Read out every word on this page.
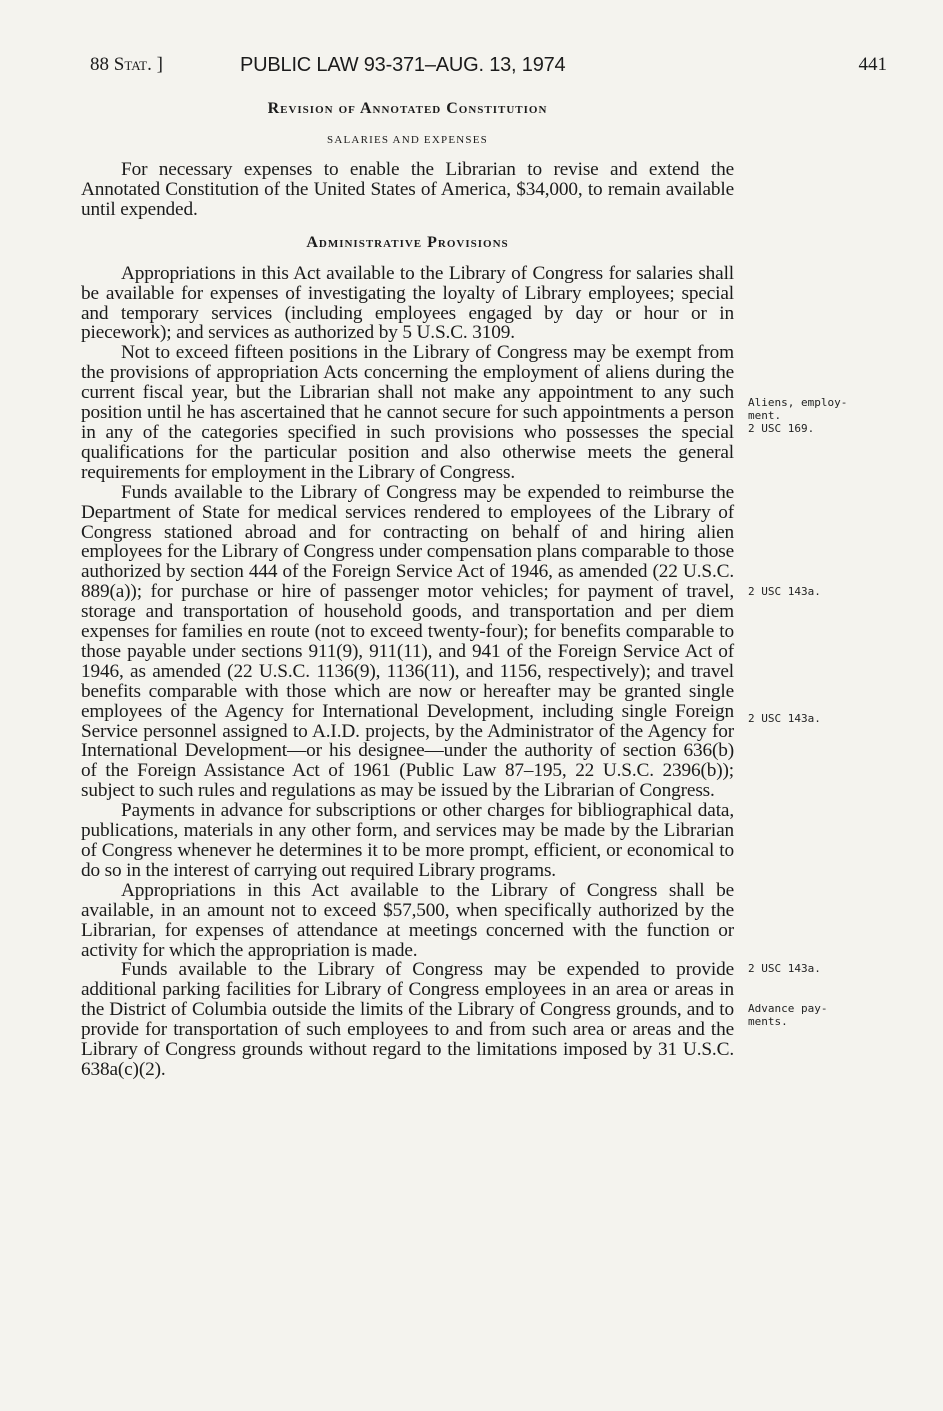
88 Stat. ]	PUBLIC LAW 93-371–AUG. 13, 1974	441
Revision of Annotated Constitution
SALARIES AND EXPENSES

For necessary expenses to enable the Librarian to revise and extend the Annotated Constitution of the United States of America, $34,000, to remain available until expended.

Administrative Provisions

Appropriations in this Act available to the Library of Congress for salaries shall be available for expenses of investigating the loyalty of Library employees; special and temporary services (including employees engaged by day or hour or in piecework); and services as authorized by 5 U.S.C. 3109.

Not to exceed fifteen positions in the Library of Congress may be exempt from the provisions of appropriation Acts concerning the employment of aliens during the current fiscal year, but the Librarian shall not make any appointment to any such position until he has ascertained that he cannot secure for such appointments a person in any of the categories specified in such provisions who possesses the special qualifications for the particular position and also otherwise meets the general requirements for employment in the Library of Congress.

Funds available to the Library of Congress may be expended to reimburse the Department of State for medical services rendered to employees of the Library of Congress stationed abroad and for contracting on behalf of and hiring alien employees for the Library of Congress under compensation plans comparable to those authorized by section 444 of the Foreign Service Act of 1946, as amended (22 U.S.C. 889(a)); for purchase or hire of passenger motor vehicles; for payment of travel, storage and transportation of household goods, and transportation and per diem expenses for families en route (not to exceed twenty-four); for benefits comparable to those payable under sections 911(9), 911(11), and 941 of the Foreign Service Act of 1946, as amended (22 U.S.C. 1136(9), 1136(11), and 1156, respectively); and travel benefits comparable with those which are now or hereafter may be granted single employees of the Agency for International Development, including single Foreign Service personnel assigned to A.I.D. projects, by the Administrator of the Agency for International Development—or his designee—under the authority of section 636(b) of the Foreign Assistance Act of 1961 (Public Law 87–195, 22 U.S.C. 2396(b)); subject to such rules and regulations as may be issued by the Librarian of Congress.

Payments in advance for subscriptions or other charges for bibliographical data, publications, materials in any other form, and services may be made by the Librarian of Congress whenever he determines it to be more prompt, efficient, or economical to do so in the interest of carrying out required Library programs.

Appropriations in this Act available to the Library of Congress shall be available, in an amount not to exceed $57,500, when specifically authorized by the Librarian, for expenses of attendance at meetings concerned with the function or activity for which the appropriation is made.

Funds available to the Library of Congress may be expended to provide additional parking facilities for Library of Congress employees in an area or areas in the District of Columbia outside the limits of the Library of Congress grounds, and to provide for transportation of such employees to and from such area or areas and the Library of Congress grounds without regard to the limitations imposed by 31 U.S.C. 638a(c)(2).

Aliens, employ-
ment.
2 USC 169.
2 USC 143a.
2 USC 143a.
2 USC 143a.
Advance pay-
ments.
